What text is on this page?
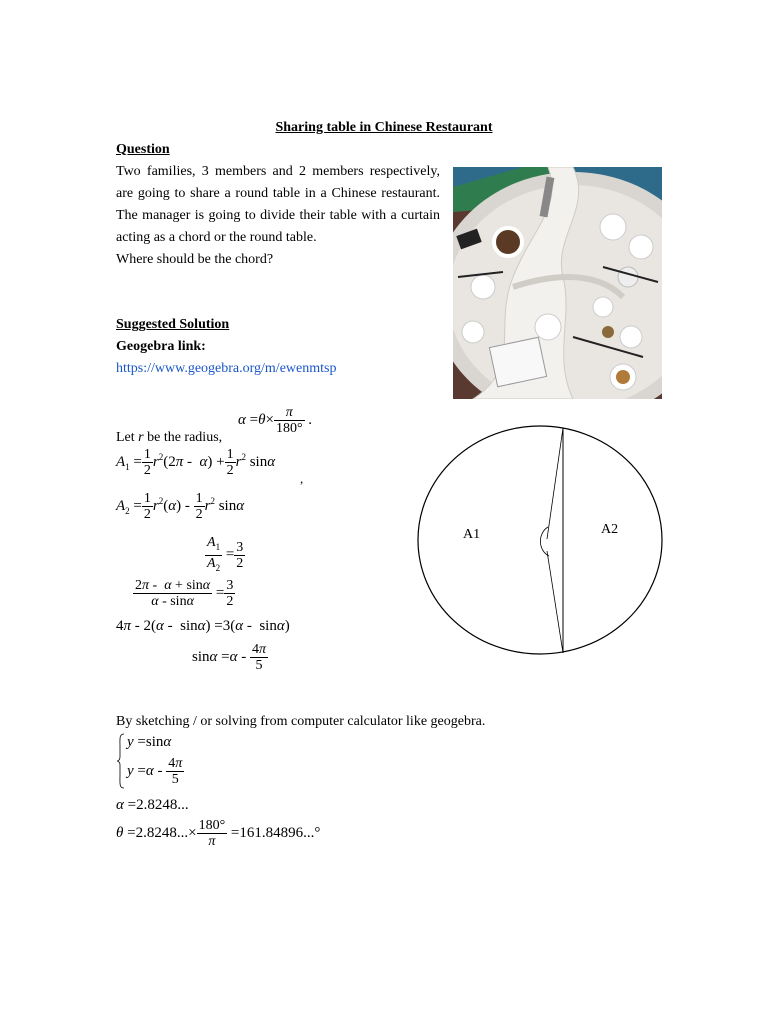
Sharing table in Chinese Restaurant
Question

Two families, 3 members and 2 members respectively, are going to share a round table in a Chinese restaurant. The manager is going to divide their table with a curtain acting as a chord or the round table.

Where should be the chord?

Suggested Solution
Geogebra link:
https://www.geogebra.org/m/ewenmtsp
Let r be the radius,
$\alpha =\theta\times \frac{\pi}{180^\circ}$ .
$A_1 = \frac{1}{2} r^2(2\pi - \alpha) + \frac{1}{2} r^2$ sinα
,
$A_2 = \frac{1}{2} r^2(\alpha) - \frac{1}{2} r^2$ sinα
$\frac{A_1}{A_2} = \frac{3}{2}$
$\frac{2\pi - \alpha + \sin\alpha}{\alpha - \sin\alpha} = \frac{3}{2}$
4π - 2(α -  sinα) =3(α -  sinα)
$\sin\alpha =\alpha - \frac{4\pi}{5}$
By sketching / or solving from computer calculator like geogebra.
y =sinα
$y =\alpha - \frac{4\pi}{5}$
α =2.8248...
$\theta =2.8248...\times \frac{180^\circ}{\pi} =161.84896...^\circ$
A1	A2
